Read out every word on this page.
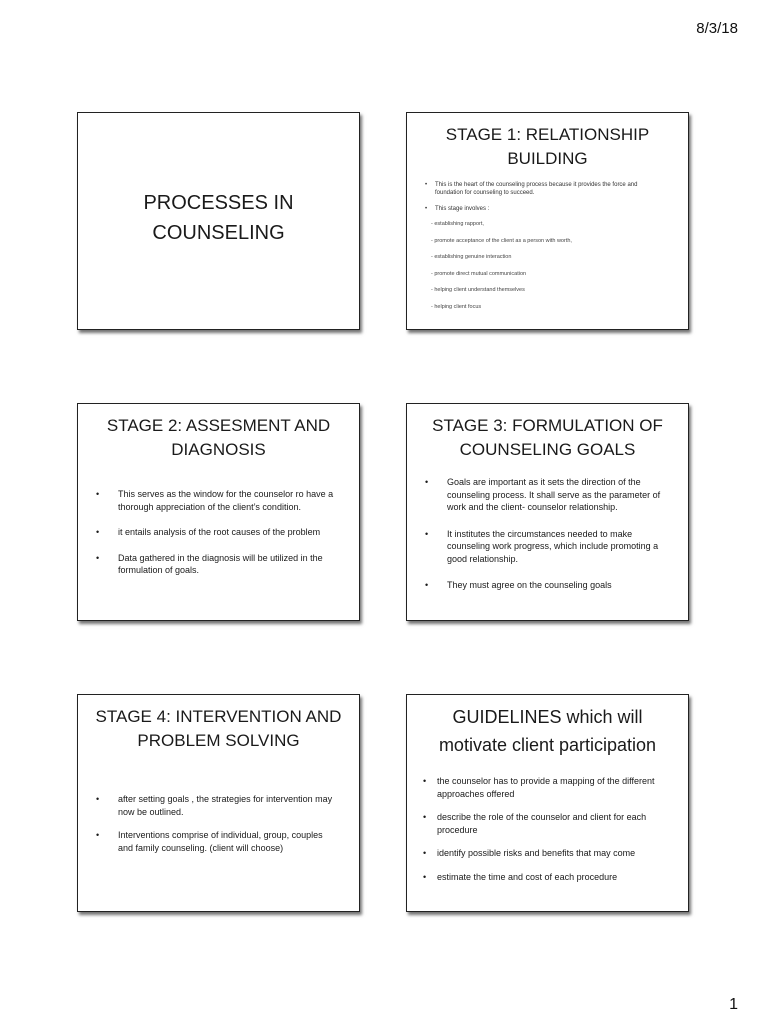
8/3/18
PROCESSES IN COUNSELING
STAGE 1: RELATIONSHIP BUILDING
• This is the heart of the counseling process because it provides the force and foundation for counseling to succeed.
• This stage involves :
- establishing rapport,
- promote acceptance of the client as a person with worth,
- establishing genuine interaction
- promote direct mutual communication
- helping client understand themselves
- helping client focus
STAGE 2: ASSESMENT AND DIAGNOSIS
• This serves as the window for the counselor ro have a thorough appreciation of the client’s condition.
• it entails analysis of the root causes of the problem
• Data gathered in the diagnosis will be utilized in the formulation of goals.
STAGE 3: FORMULATION OF COUNSELING GOALS
• Goals are important as it sets the direction of the counseling process. It shall serve as the parameter of work and the client- counselor relationship.
• It institutes the circumstances needed to make counseling work progress, which include promoting a good relationship.
• They must agree on the counseling goals
STAGE 4: INTERVENTION AND PROBLEM SOLVING
• after setting goals , the strategies for intervention may now be outlined.
• Interventions comprise of individual, group, couples and family counseling. (client will choose)
GUIDELINES which will motivate client participation
• the counselor has to provide a mapping of the different approaches offered
• describe the role of the counselor and client for each procedure
• identify possible risks and benefits that may come
• estimate the time and cost of each procedure
1
